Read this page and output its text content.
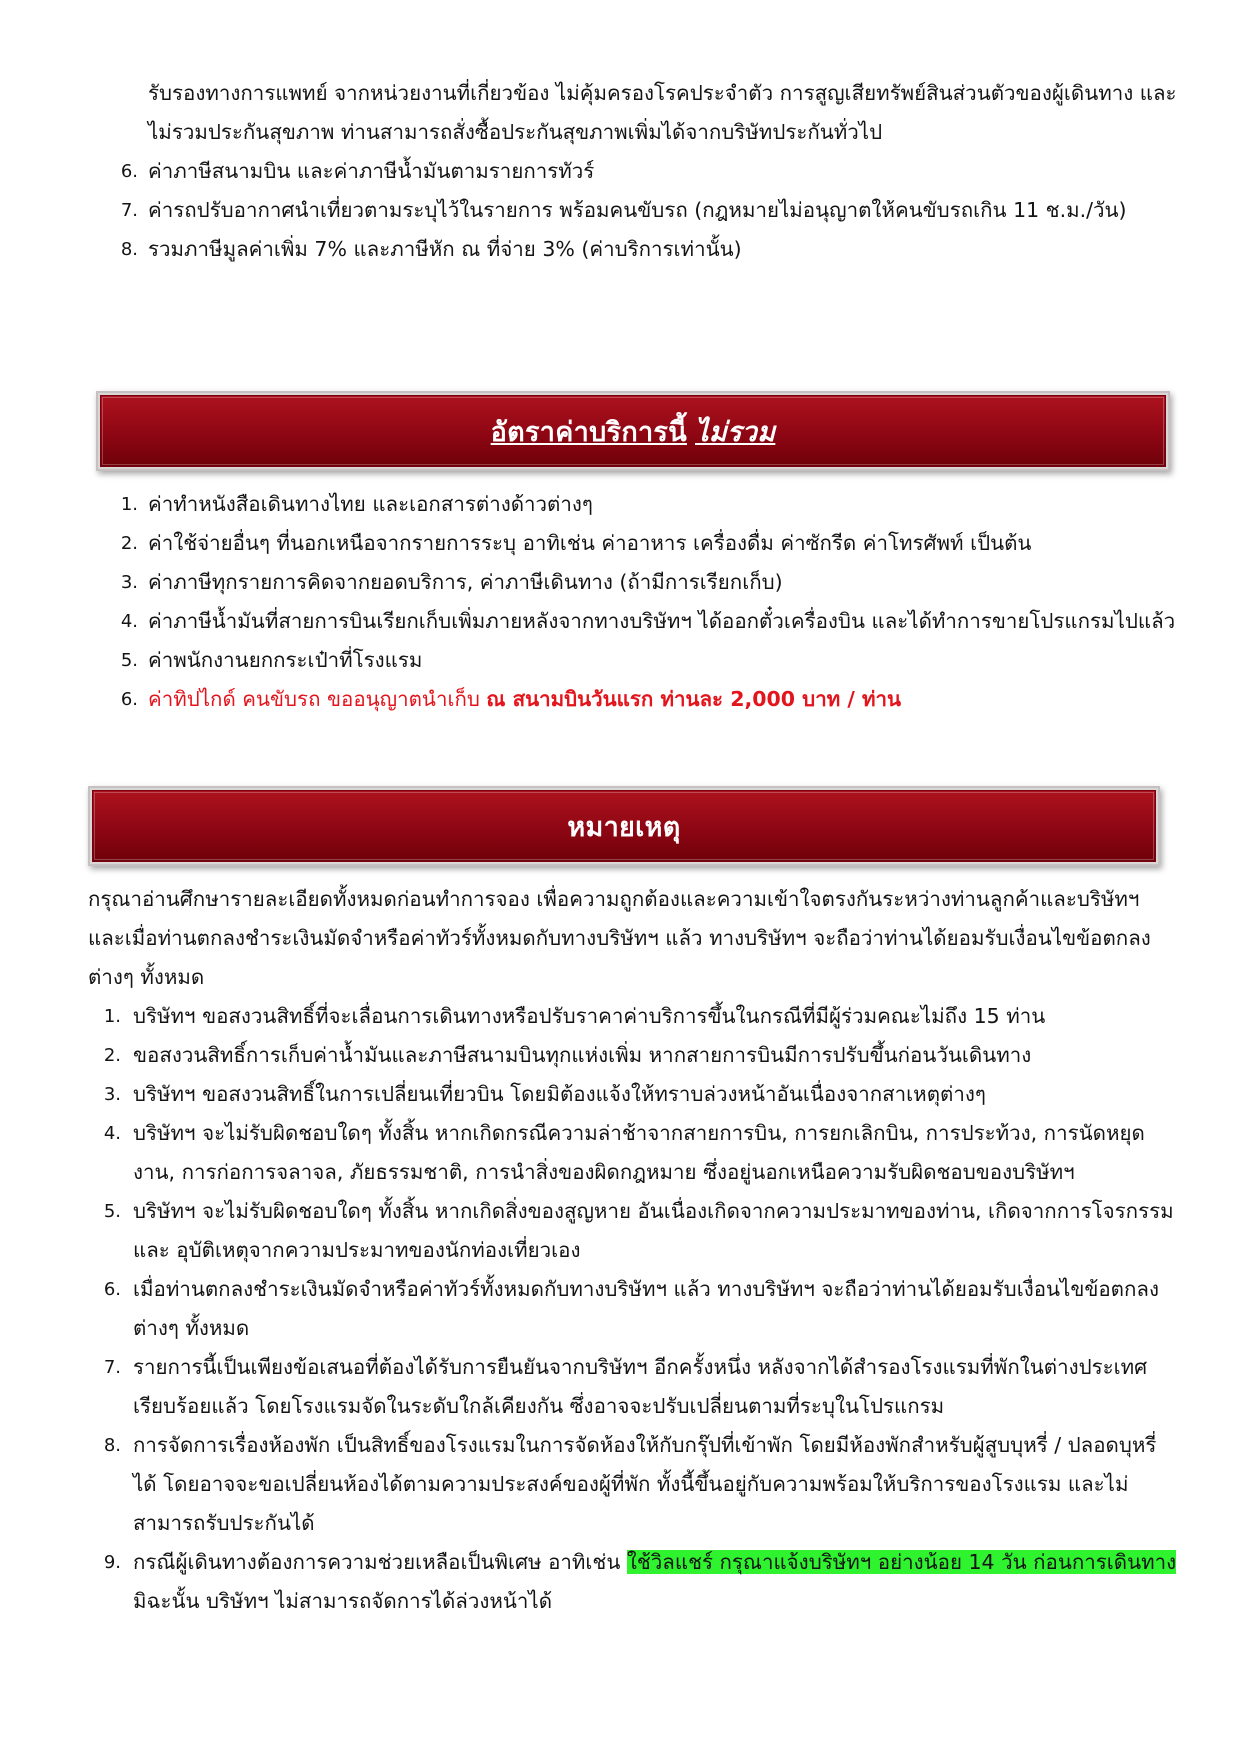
รับรองทางการแพทย์ จากหน่วยงานที่เกี่ยวข้อง ไม่คุ้มครองโรคประจำตัว การสูญเสียทรัพย์สินส่วนตัวของผู้เดินทาง และไม่รวมประกันสุขภาพ ท่านสามารถสั่งซื้อประกันสุขภาพเพิ่มได้จากบริษัทประกันทั่วไป

6. ค่าภาษีสนามบิน และค่าภาษีน้ำมันตามรายการทัวร์
7. ค่ารถปรับอากาศนำเที่ยวตามระบุไว้ในรายการ พร้อมคนขับรถ (กฎหมายไม่อนุญาตให้คนขับรถเกิน 11 ช.ม./วัน)
8. รวมภาษีมูลค่าเพิ่ม 7% และภาษีหัก ณ ที่จ่าย 3% (ค่าบริการเท่านั้น)
อัตราค่าบริการนี้ ไม่รวม
1. ค่าทำหนังสือเดินทางไทย และเอกสารต่างด้าวต่างๆ
2. ค่าใช้จ่ายอื่นๆ ที่นอกเหนือจากรายการระบุ อาทิเช่น ค่าอาหาร เครื่องดื่ม ค่าซักรีด ค่าโทรศัพท์ เป็นต้น
3. ค่าภาษีทุกรายการคิดจากยอดบริการ, ค่าภาษีเดินทาง (ถ้ามีการเรียกเก็บ)
4. ค่าภาษีน้ำมันที่สายการบินเรียกเก็บเพิ่มภายหลังจากทางบริษัทฯ ได้ออกตั๋วเครื่องบิน และได้ทำการขายโปรแกรมไปแล้ว
5. ค่าพนักงานยกกระเป๋าที่โรงแรม
6. ค่าทิปไกด์ คนขับรถ ขออนุญาตนำเก็บ ณ สนามบินวันแรก ท่านละ 2,000 บาท / ท่าน
หมายเหตุ

กรุณาอ่านศึกษารายละเอียดทั้งหมดก่อนทำการจอง เพื่อความถูกต้องและความเข้าใจตรงกันระหว่างท่านลูกค้าและบริษัทฯ และเมื่อท่านตกลงชำระเงินมัดจำหรือค่าทัวร์ทั้งหมดกับทางบริษัทฯ แล้ว ทางบริษัทฯ จะถือว่าท่านได้ยอมรับเงื่อนไขข้อตกลงต่างๆ ทั้งหมด

1. บริษัทฯ ขอสงวนสิทธิ์ที่จะเลื่อนการเดินทางหรือปรับราคาค่าบริการขึ้นในกรณีที่มีผู้ร่วมคณะไม่ถึง 15 ท่าน
2. ขอสงวนสิทธิ์การเก็บค่าน้ำมันและภาษีสนามบินทุกแห่งเพิ่ม หากสายการบินมีการปรับขึ้นก่อนวันเดินทาง
3. บริษัทฯ ขอสงวนสิทธิ์ในการเปลี่ยนเที่ยวบิน โดยมิต้องแจ้งให้ทราบล่วงหน้าอันเนื่องจากสาเหตุต่างๆ
4. บริษัทฯ จะไม่รับผิดชอบใดๆ ทั้งสิ้น หากเกิดกรณีความล่าช้าจากสายการบิน, การยกเลิกบิน, การประท้วง, การนัดหยุดงาน, การก่อการจลาจล, ภัยธรรมชาติ, การนำสิ่งของผิดกฎหมาย ซึ่งอยู่นอกเหนือความรับผิดชอบของบริษัทฯ
5. บริษัทฯ จะไม่รับผิดชอบใดๆ ทั้งสิ้น หากเกิดสิ่งของสูญหาย อันเนื่องเกิดจากความประมาทของท่าน, เกิดจากการโจรกรรม และ อุบัติเหตุจากความประมาทของนักท่องเที่ยวเอง
6. เมื่อท่านตกลงชำระเงินมัดจำหรือค่าทัวร์ทั้งหมดกับทางบริษัทฯ แล้ว ทางบริษัทฯ จะถือว่าท่านได้ยอมรับเงื่อนไขข้อตกลงต่างๆ ทั้งหมด
7. รายการนี้เป็นเพียงข้อเสนอที่ต้องได้รับการยืนยันจากบริษัทฯ อีกครั้งหนึ่ง หลังจากได้สำรองโรงแรมที่พักในต่างประเทศเรียบร้อยแล้ว โดยโรงแรมจัดในระดับใกล้เคียงกัน ซึ่งอาจจะปรับเปลี่ยนตามที่ระบุในโปรแกรม
8. การจัดการเรื่องห้องพัก เป็นสิทธิ์ของโรงแรมในการจัดห้องให้กับกรุ๊ปที่เข้าพัก โดยมีห้องพักสำหรับผู้สูบบุหรี่ / ปลอดบุหรี่ได้ โดยอาจจะขอเปลี่ยนห้องได้ตามความประสงค์ของผู้ที่พัก ทั้งนี้ขึ้นอยู่กับความพร้อมให้บริการของโรงแรม และไม่สามารถรับประกันได้
9. กรณีผู้เดินทางต้องการความช่วยเหลือเป็นพิเศษ อาทิเช่น ใช้วิลแชร์ กรุณาแจ้งบริษัทฯ อย่างน้อย 14 วัน ก่อนการเดินทาง มิฉะนั้น บริษัทฯ ไม่สามารถจัดการได้ล่วงหน้าได้
